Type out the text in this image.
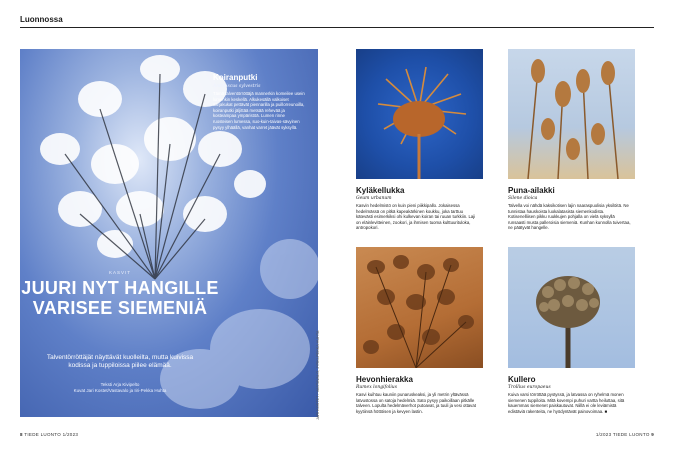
Luonnossa
Koiranputki
Anthriscus sylvestris
Tämä talventörröttäjä mannerkin komeilee usein lumenkin keskellä. Alkukesällä valkoiset sarjakukat pettävät piennarilla ja puillorreunoilla, koiranputki jäljittää metsää rehevää ja kosteampaa ympäristöä. Lumen rinne ruosteisen lumessa, suo-kuin-taivas-sävyinen pysyy ylhäällä, vanhat varret jäävät syksyllä.
KASVIT
JUURI NYT HANGILLE VARISEE SIEMENIÄ
Talventörröttäjät näyttävät kuolleilta, mutta kuivissa kodissa ja tuppiloissa piilee elämää.
Teksti Arja Kivipelto
Kuvat Jari Kostet/Vastavalo ja Iiri-Pekka Huhta	JARI KOSTET / VASTAVALO, JYRKI-PEKKA HUHTA
Kyläkellukka
Geum urbanum
Kasvin hedelmistö on kuin pieni piikkipallo. Jokaisessa hedelmässä on pitkä kapeakärkinen koukku, joka tarttuu kätevästi esimerkiksi ohi kulkevan koiran tai ruuan turkkiin. Laji on eläinlevitteinen, zookori, ja ihmisen tuoma kulttuurituloka, antropokori.
Puna-ailakki
Silene dioica
Talvella voi nähdä kaksikotisen lajin naaraspuolisia yksilöitä. Ne tunnistaa hauskoista luokalatasista siemenkodista. Kotisenelliisen pikku ruukkujen pohjalla on vielä syksyllä runsaasti musta palleroisia siemeniä. Kunhan kunnolla tuivertaa, ne päätyvät hangelle.
Hevonhierakka
Rumex longifolius
Kasvi kuihtuu kauniin punaruskeaksi, ja yli metrin yltävässä latvustossa on satoja hedelmiä. Sato pysyy paikoillaan pitkälle talveen. Lopulta hedelmäverhot putoavat, ja tuuli ja vesi ottavat kyytiinsä höttöisen ja kevyen lastin.
Kullero
Trollius europaeus
Kuiva varsi törröttää pystyssä, ja latvassa on ryhelmä monen siemenen tuppiloita. Mitä kovempi puhuri vartta heiluttaa, sitä kauemmas siemenet paiskautuvat. Niillä ei ole leviämistä edistäviä rakenteita, ne hyödyntävät painovoimaa. ■
8 TIEDE LUONTO 1/2023	1/2023 TIEDE LUONTO 9
